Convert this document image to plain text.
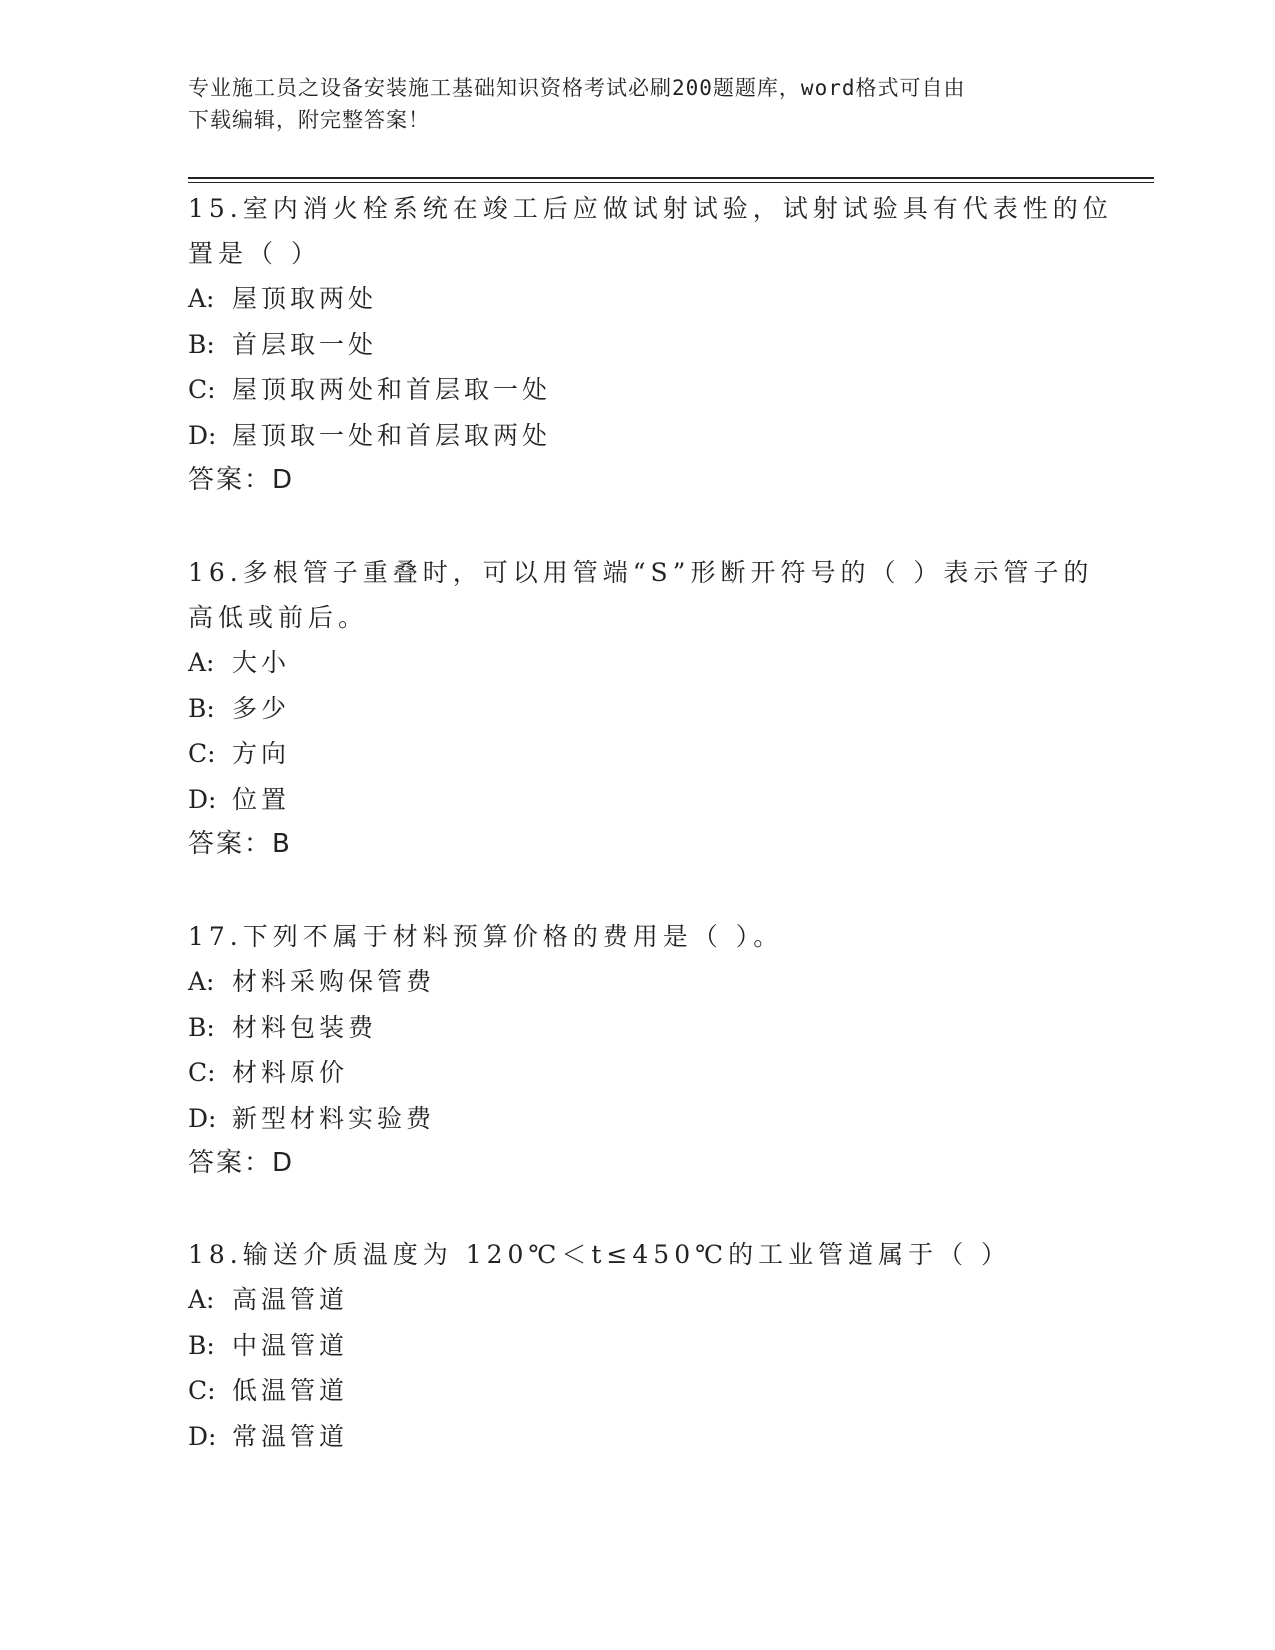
专业施工员之设备安装施工基础知识资格考试必刷200题题库，word格式可自由
下载编辑，附完整答案！
15.室内消火栓系统在竣工后应做试射试验，试射试验具有代表性的位
置是（ ）
A: 屋顶取两处
B: 首层取一处
C: 屋顶取两处和首层取一处
D: 屋顶取一处和首层取两处
答案：D
16.多根管子重叠时，可以用管端“S”形断开符号的（ ）表示管子的
高低或前后。
A: 大小
B: 多少
C: 方向
D: 位置
答案：B
17.下列不属于材料预算价格的费用是（ ）。
A: 材料采购保管费
B: 材料包装费
C: 材料原价
D: 新型材料实验费
答案：D
18.输送介质温度为 120℃＜t≤450℃的工业管道属于（ ）
A: 高温管道
B: 中温管道
C: 低温管道
D: 常温管道
